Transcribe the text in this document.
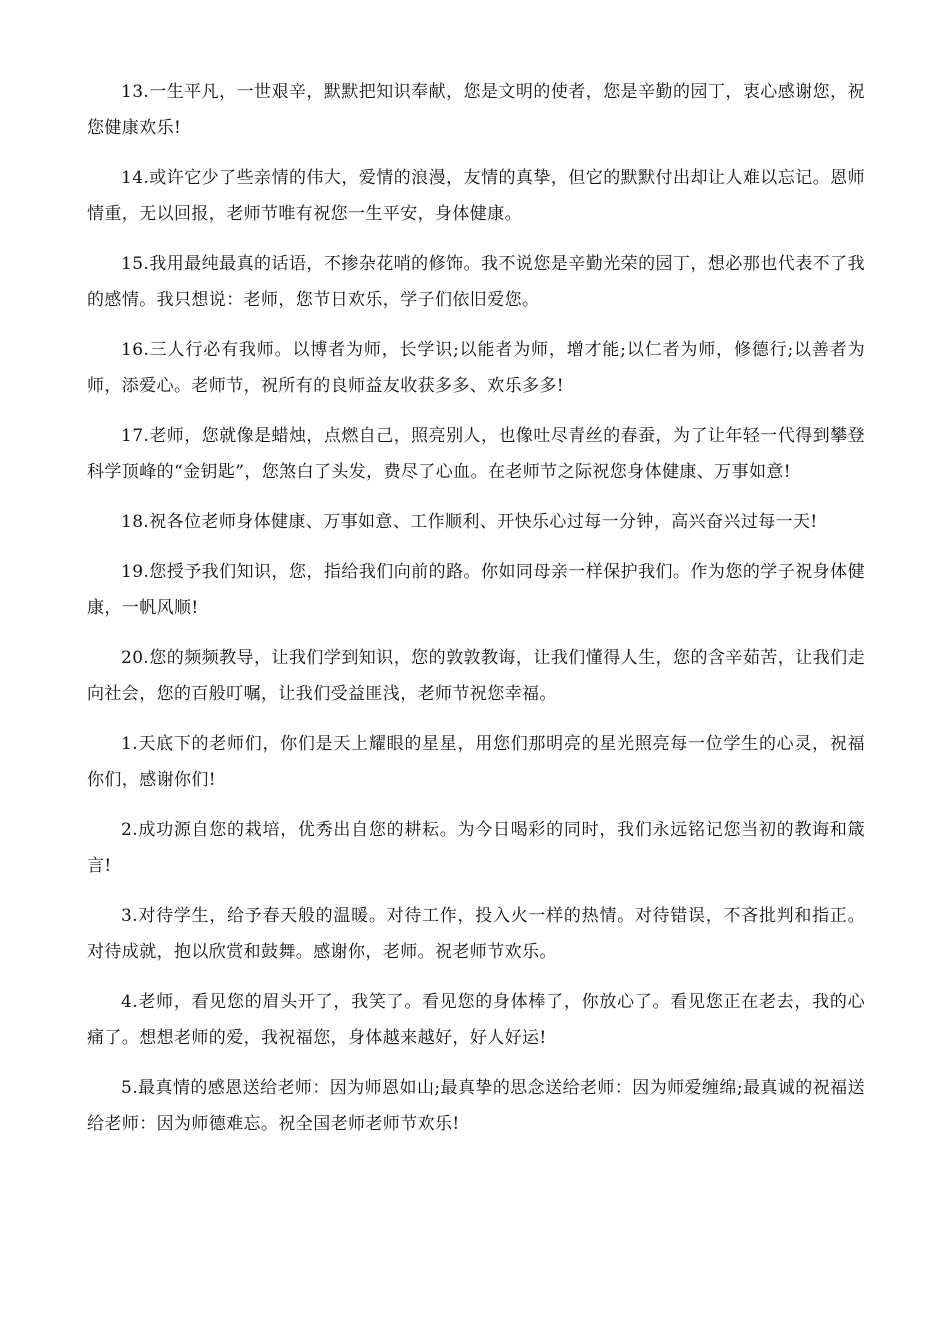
13.一生平凡，一世艰辛，默默把知识奉献，您是文明的使者，您是辛勤的园丁，衷心感谢您，祝您健康欢乐!

14.或许它少了些亲情的伟大，爱情的浪漫，友情的真挚，但它的默默付出却让人难以忘记。恩师情重，无以回报，老师节唯有祝您一生平安，身体健康。

15.我用最纯最真的话语，不掺杂花哨的修饰。我不说您是辛勤光荣的园丁，想必那也代表不了我的感情。我只想说：老师，您节日欢乐，学子们依旧爱您。

16.三人行必有我师。以博者为师，长学识;以能者为师，增才能;以仁者为师，修德行;以善者为师，添爱心。老师节，祝所有的良师益友收获多多、欢乐多多!

17.老师，您就像是蜡烛，点燃自己，照亮别人，也像吐尽青丝的春蚕，为了让年轻一代得到攀登科学顶峰的“金钥匙”，您煞白了头发，费尽了心血。在老师节之际祝您身体健康、万事如意!

18.祝各位老师身体健康、万事如意、工作顺利、开快乐心过每一分钟，高兴奋兴过每一天!

19.您授予我们知识，您，指给我们向前的路。你如同母亲一样保护我们。作为您的学子祝身体健康，一帆风顺!

20.您的频频教导，让我们学到知识，您的敦敦教诲，让我们懂得人生，您的含辛茹苦，让我们走向社会，您的百般叮嘱，让我们受益匪浅，老师节祝您幸福。

1.天底下的老师们，你们是天上耀眼的星星，用您们那明亮的星光照亮每一位学生的心灵，祝福你们，感谢你们!

2.成功源自您的栽培，优秀出自您的耕耘。为今日喝彩的同时，我们永远铭记您当初的教诲和箴言!

3.对待学生，给予春天般的温暖。对待工作，投入火一样的热情。对待错误，不吝批判和指正。对待成就，抱以欣赏和鼓舞。感谢你，老师。祝老师节欢乐。

4.老师，看见您的眉头开了，我笑了。看见您的身体棒了，你放心了。看见您正在老去，我的心痛了。想想老师的爱，我祝福您，身体越来越好，好人好运!

5.最真情的感恩送给老师：因为师恩如山;最真挚的思念送给老师：因为师爱缠绵;最真诚的祝福送给老师：因为师德难忘。祝全国老师老师节欢乐!
